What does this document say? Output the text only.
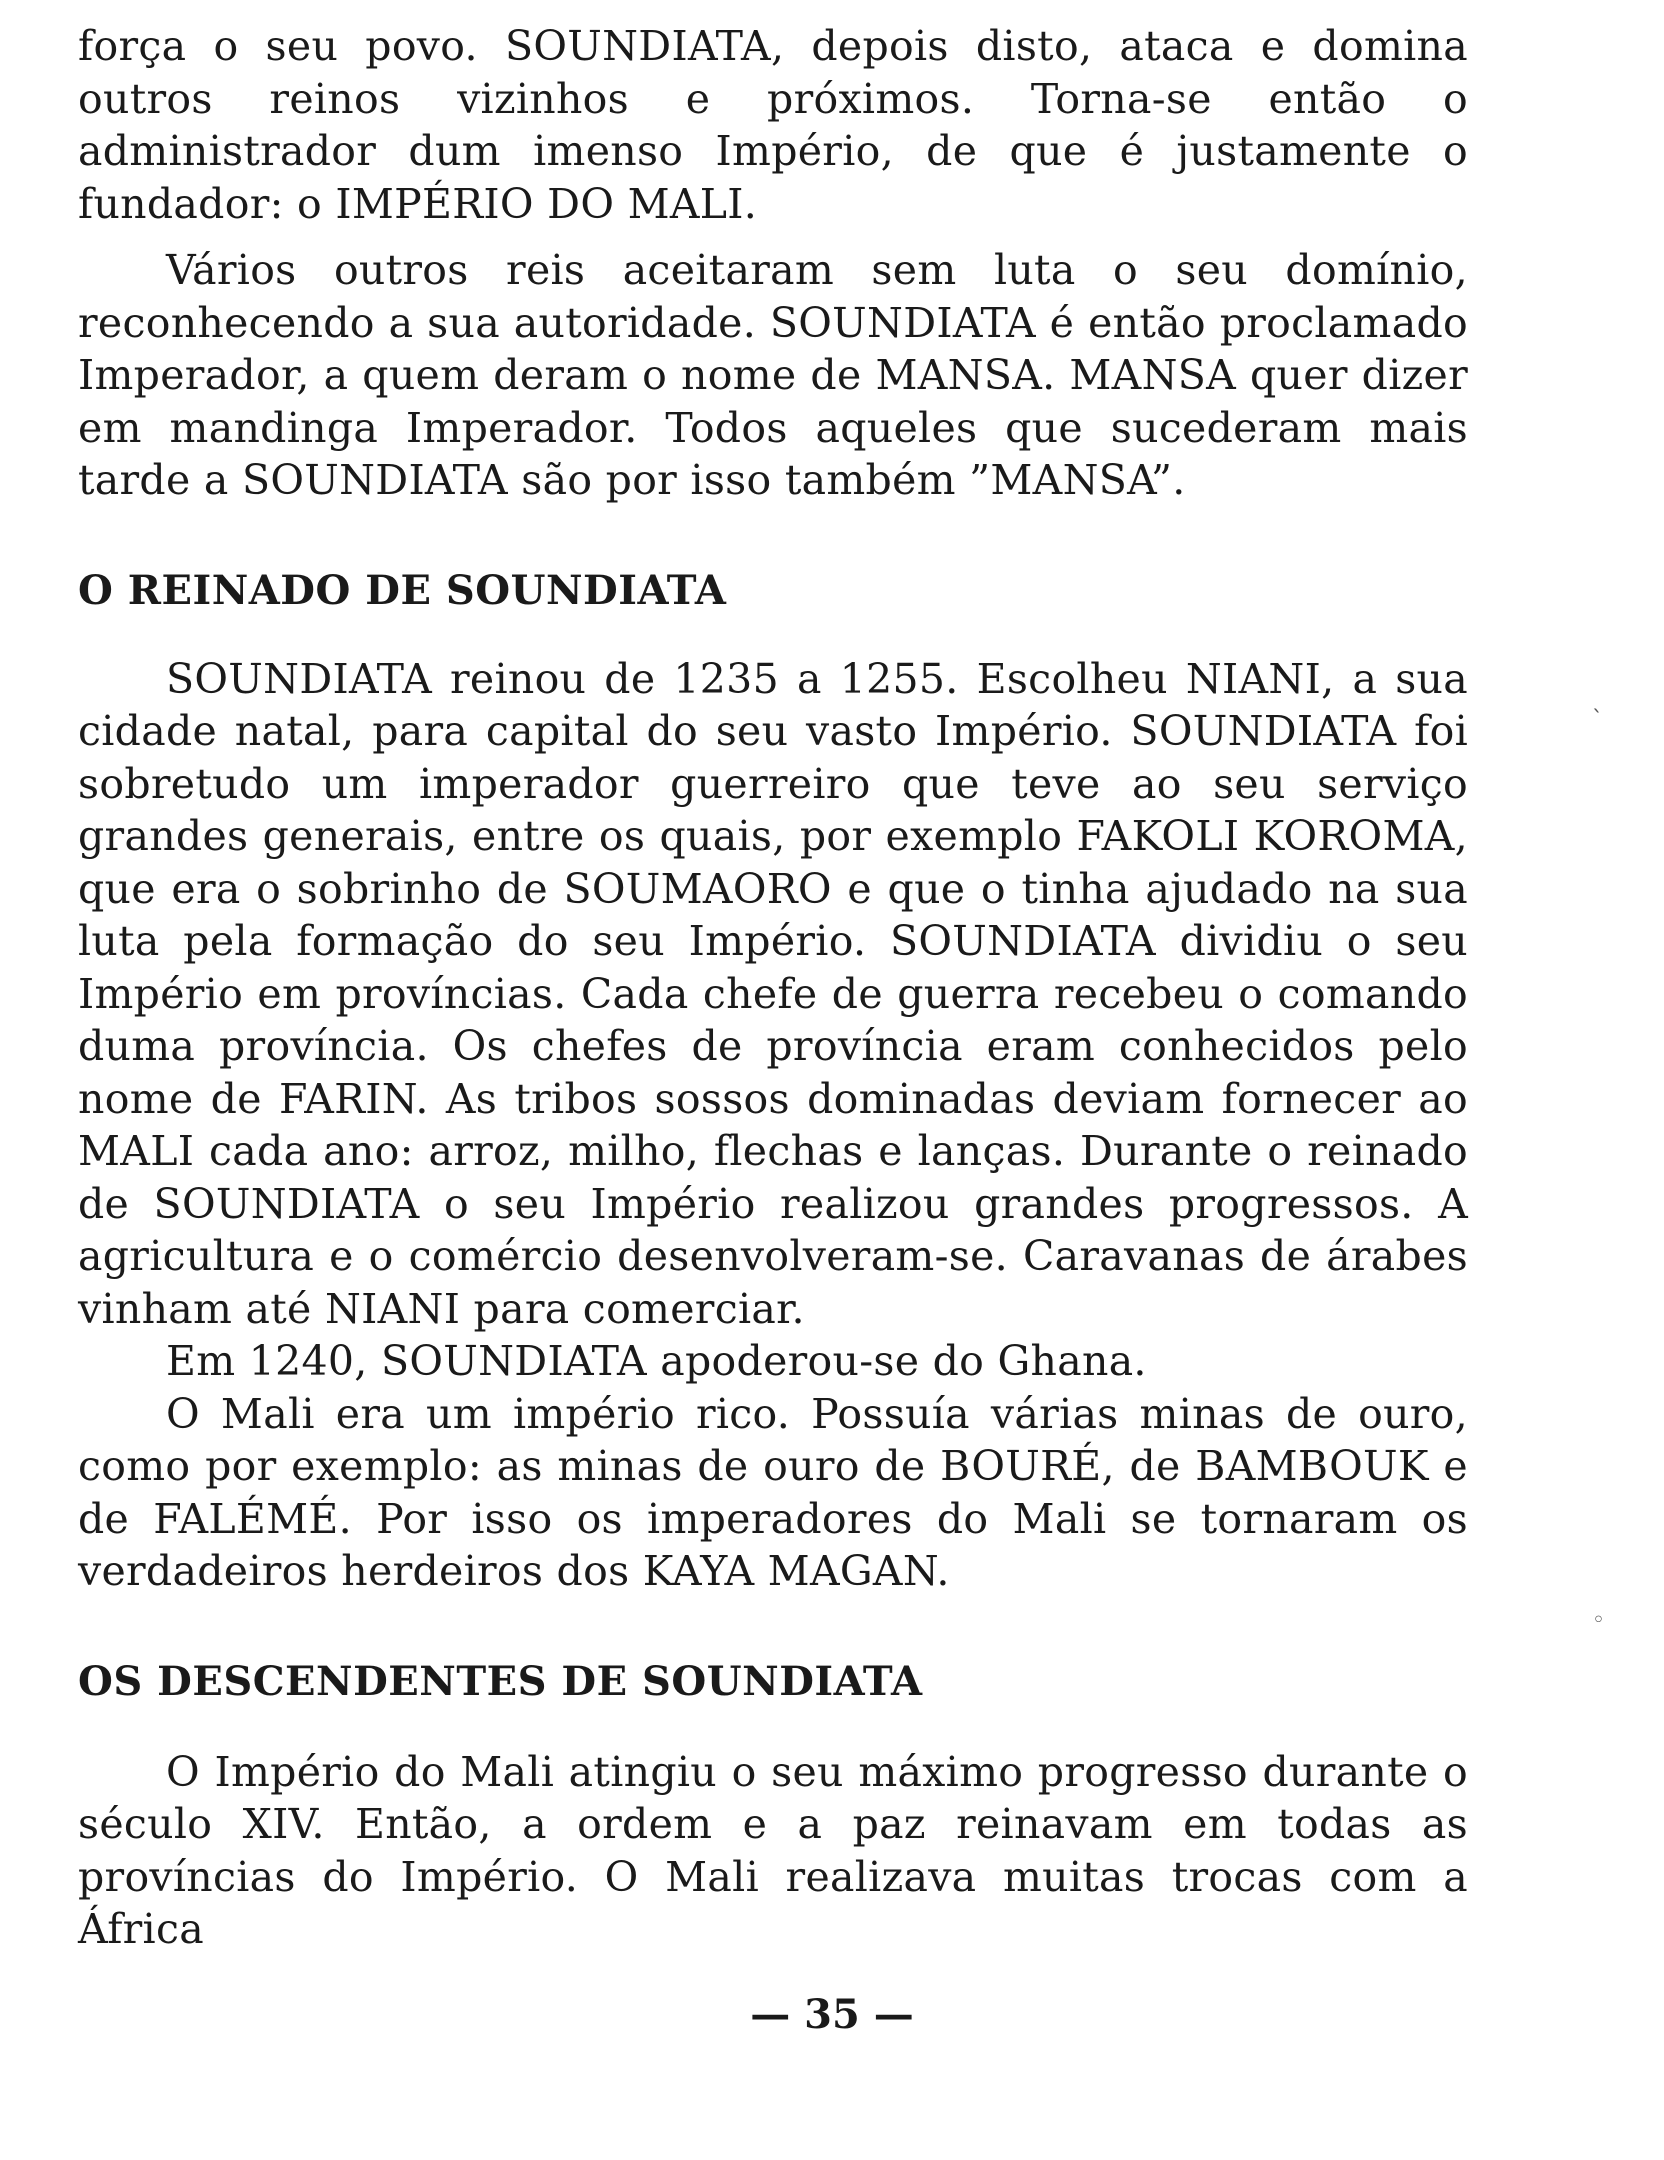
força o seu povo. SOUNDIATA, depois disto, ataca e domina outros reinos vizinhos e próximos. Torna-se então o administrador dum imenso Império, de que é justamente o fundador: o IMPÉRIO DO MALI.

Vários outros reis aceitaram sem luta o seu domínio, reconhecendo a sua autoridade. SOUNDIATA é então proclamado Imperador, a quem deram o nome de MANSA. MANSA quer dizer em mandinga Imperador. Todos aqueles que sucederam mais tarde a SOUNDIATA são por isso também ”MANSA”.

O REINADO DE SOUNDIATA

SOUNDIATA reinou de 1235 a 1255. Escolheu NIANI, a sua cidade natal, para capital do seu vasto Império. SOUNDIATA foi sobretudo um imperador guerreiro que teve ao seu serviço grandes generais, entre os quais, por exemplo FAKOLI KOROMA, que era o sobrinho de SOUMAORO e que o tinha ajudado na sua luta pela formação do seu Império. SOUNDIATA dividiu o seu Império em províncias. Cada chefe de guerra recebeu o comando duma província. Os chefes de província eram conhecidos pelo nome de FARIN. As tribos sossos dominadas deviam fornecer ao MALI cada ano: arroz, milho, flechas e lanças. Durante o reinado de SOUNDIATA o seu Império realizou grandes progressos. A agricultura e o comércio desenvolveram-se. Caravanas de árabes vinham até NIANI para comerciar.

Em 1240, SOUNDIATA apoderou-se do Ghana.

O Mali era um império rico. Possuía várias minas de ouro, como por exemplo: as minas de ouro de BOURÉ, de BAMBOUK e de FALÉMÉ. Por isso os imperadores do Mali se tornaram os verdadeiros herdeiros dos KAYA MAGAN.

OS DESCENDENTES DE SOUNDIATA

O Império do Mali atingiu o seu máximo progresso durante o século XIV. Então, a ordem e a paz reinavam em todas as províncias do Império. O Mali realizava muitas trocas com a África

— 35 —
ˎ
◦
